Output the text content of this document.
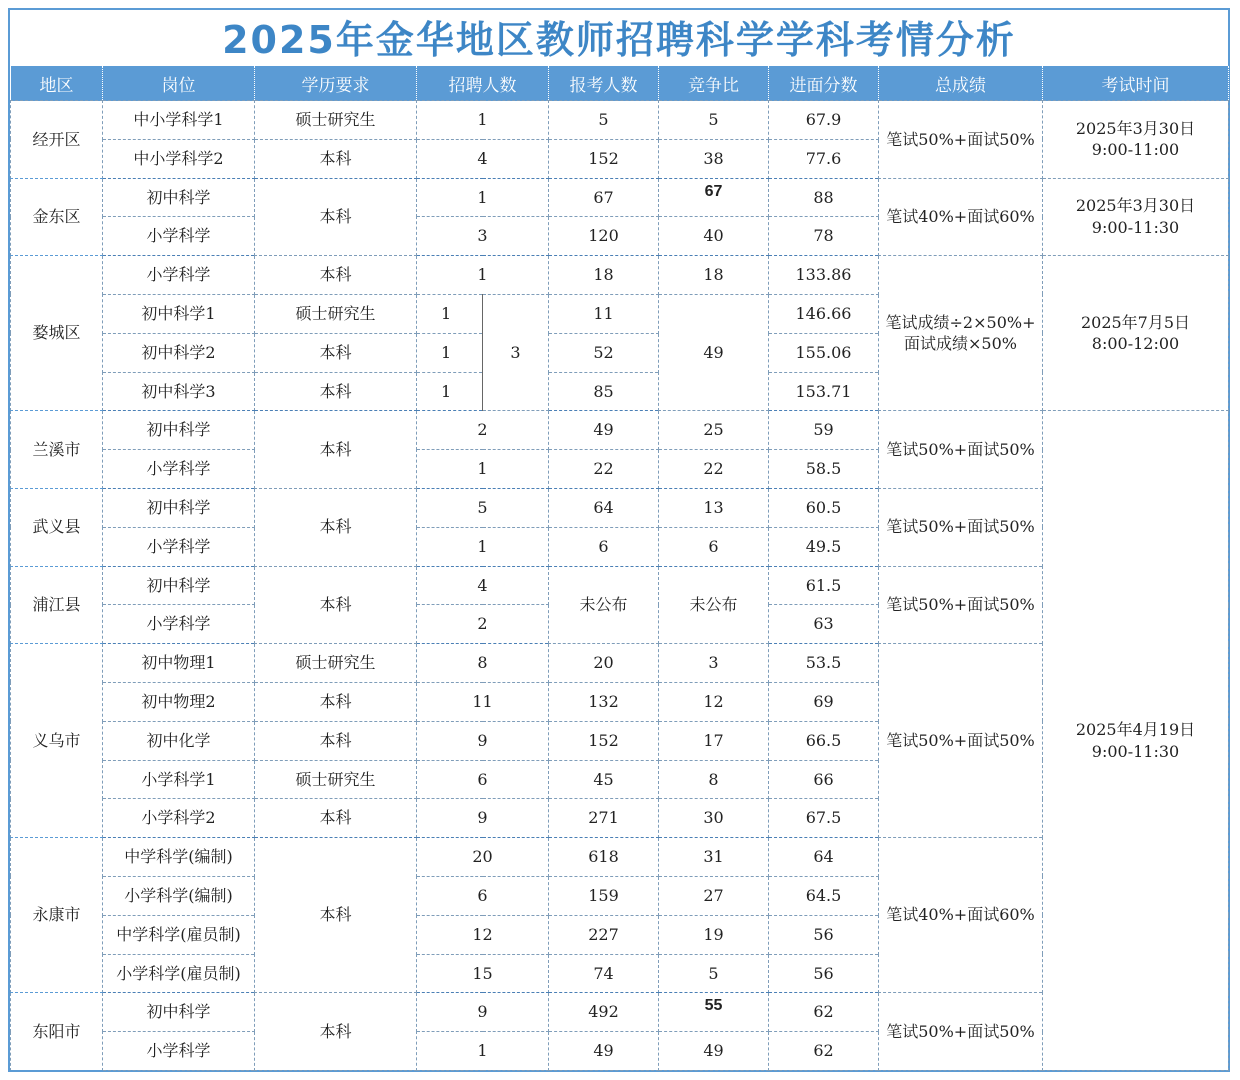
2025年金华地区教师招聘科学学科考情分析
地区	岗位	学历要求	招聘人数		报考人数	竞争比	进面分数	总成绩	考试时间
经开区	中小学科学1	硕士研究生	1		5	5	67.9	笔试50%+面试50%	2025年3月30日
9:00-11:00
	中小学科学2	本科	4		152	38	77.6		
金东区	初中科学	本科	1		67	67	88	笔试40%+面试60%	2025年3月30日
9:00-11:30
	小学科学		3		120	40	78		
婺城区	小学科学	本科	1		18	18	133.86	笔试成绩÷2×50%+
面试成绩×50%	2025年7月5日
8:00-12:00
	初中科学1	硕士研究生	1	3	11	49	146.66		
	初中科学2	本科	1		52		155.06		
	初中科学3	本科	1		85		153.71		
兰溪市	初中科学	本科	2		49	25	59	笔试50%+面试50%	2025年4月19日
9:00-11:30
	小学科学		1		22	22	58.5		
武义县	初中科学	本科	5		64	13	60.5	笔试50%+面试50%	
	小学科学		1		6	6	49.5		
浦江县	初中科学	本科	4		未公布	未公布	61.5	笔试50%+面试50%	
	小学科学		2				63		
义乌市	初中物理1	硕士研究生	8		20	3	53.5	笔试50%+面试50%	
	初中物理2	本科	11		132	12	69		
	初中化学	本科	9		152	17	66.5		
	小学科学1	硕士研究生	6		45	8	66		
	小学科学2	本科	9		271	30	67.5		
永康市	中学科学(编制)	本科	20		618	31	64	笔试40%+面试60%	
	小学科学(编制)		6		159	27	64.5		
	中学科学(雇员制)		12		227	19	56		
	小学科学(雇员制)		15		74	5	56		
东阳市	初中科学	本科	9		492	55	62	笔试50%+面试50%	
	小学科学		1		49	49	62		
